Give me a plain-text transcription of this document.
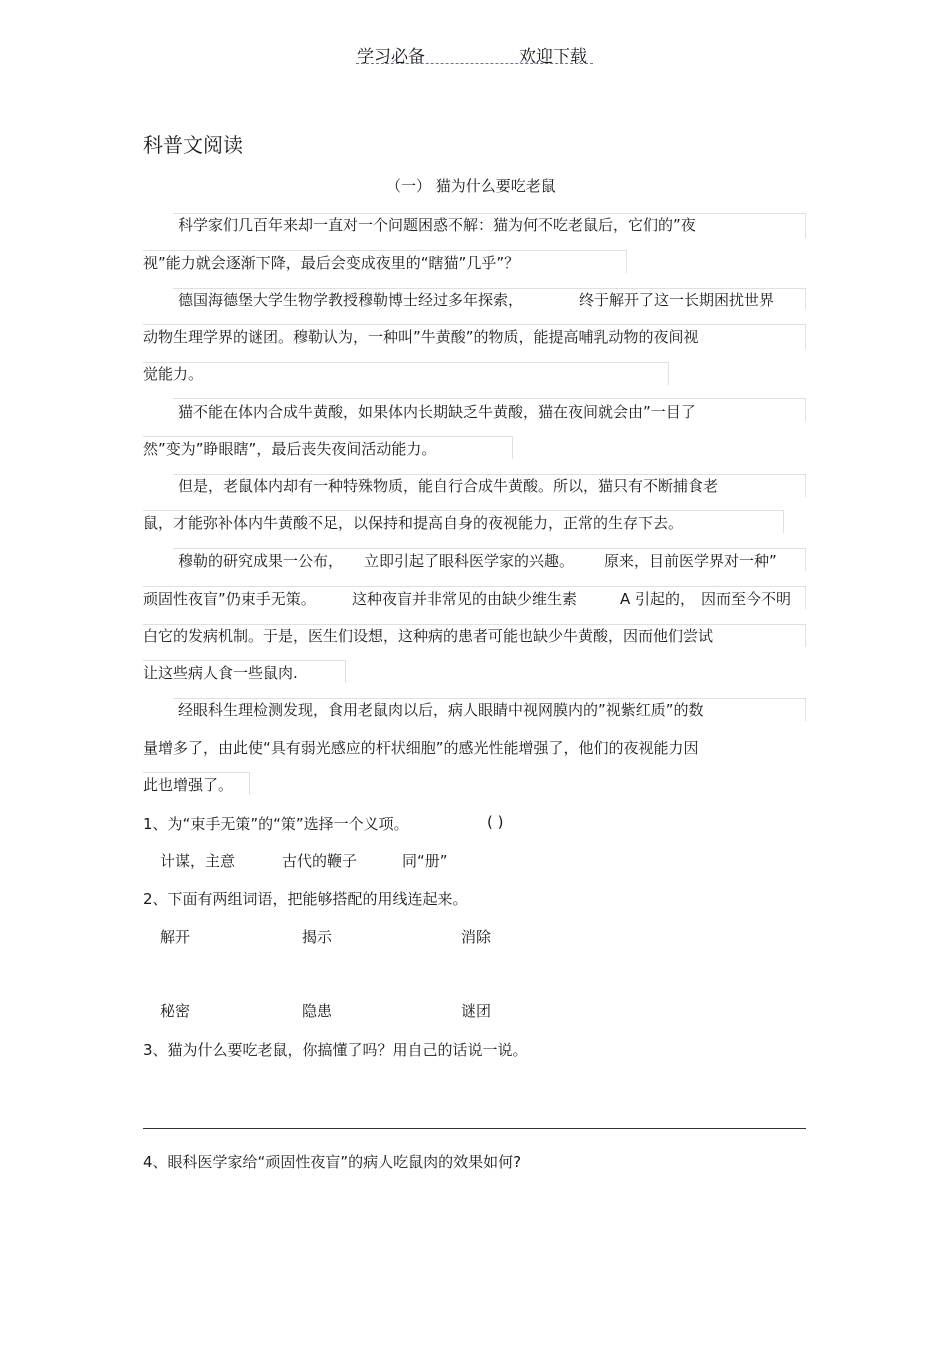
学习必备	欢迎下载
科普文阅读
（一） 猫为什么要吃老鼠
科学家们几百年来却一直对一个问题困惑不解：猫为何不吃老鼠后，它们的”夜
视”能力就会逐渐下降，最后会变成夜里的“瞎猫”几乎”？
德国海德堡大学生物学教授穆勒博士经过多年探索，	终于解开了这一长期困扰世界
动物生理学界的谜团。穆勒认为，一种叫”牛黄酸”的物质，能提高哺乳动物的夜间视
觉能力。
猫不能在体内合成牛黄酸，如果体内长期缺乏牛黄酸，猫在夜间就会由”一目了
然”变为”睁眼瞎”，最后丧失夜间活动能力。
但是，老鼠体内却有一种特殊物质，能自行合成牛黄酸。所以，猫只有不断捕食老
鼠，才能弥补体内牛黄酸不足，以保持和提高自身的夜视能力，正常的生存下去。
穆勒的研究成果一公布， 立即引起了眼科医学家的兴趣。 原来，目前医学界对一种”
顽固性夜盲”仍束手无策。 这种夜盲并非常见的由缺少维生素	A 引起的， 因而至今不明
白它的发病机制。于是，医生们设想，这种病的患者可能也缺少牛黄酸，因而他们尝试
让这些病人食一些鼠肉.
经眼科生理检测发现，食用老鼠肉以后，病人眼睛中视网膜内的”视紫红质”的数
量增多了，由此使“具有弱光感应的杆状细胞”的感光性能增强了，他们的夜视能力因
此也增强了。
1、为“束手无策”的“策”选择一个义项。	( )
计谋，主意	古代的鞭子	同“册”
2、下面有两组词语，把能够搭配的用线连起来。
解开	揭示	消除
秘密	隐患	谜团
3、猫为什么要吃老鼠，你搞懂了吗？用自己的话说一说。
4、眼科医学家给“顽固性夜盲”的病人吃鼠肉的效果如何?
